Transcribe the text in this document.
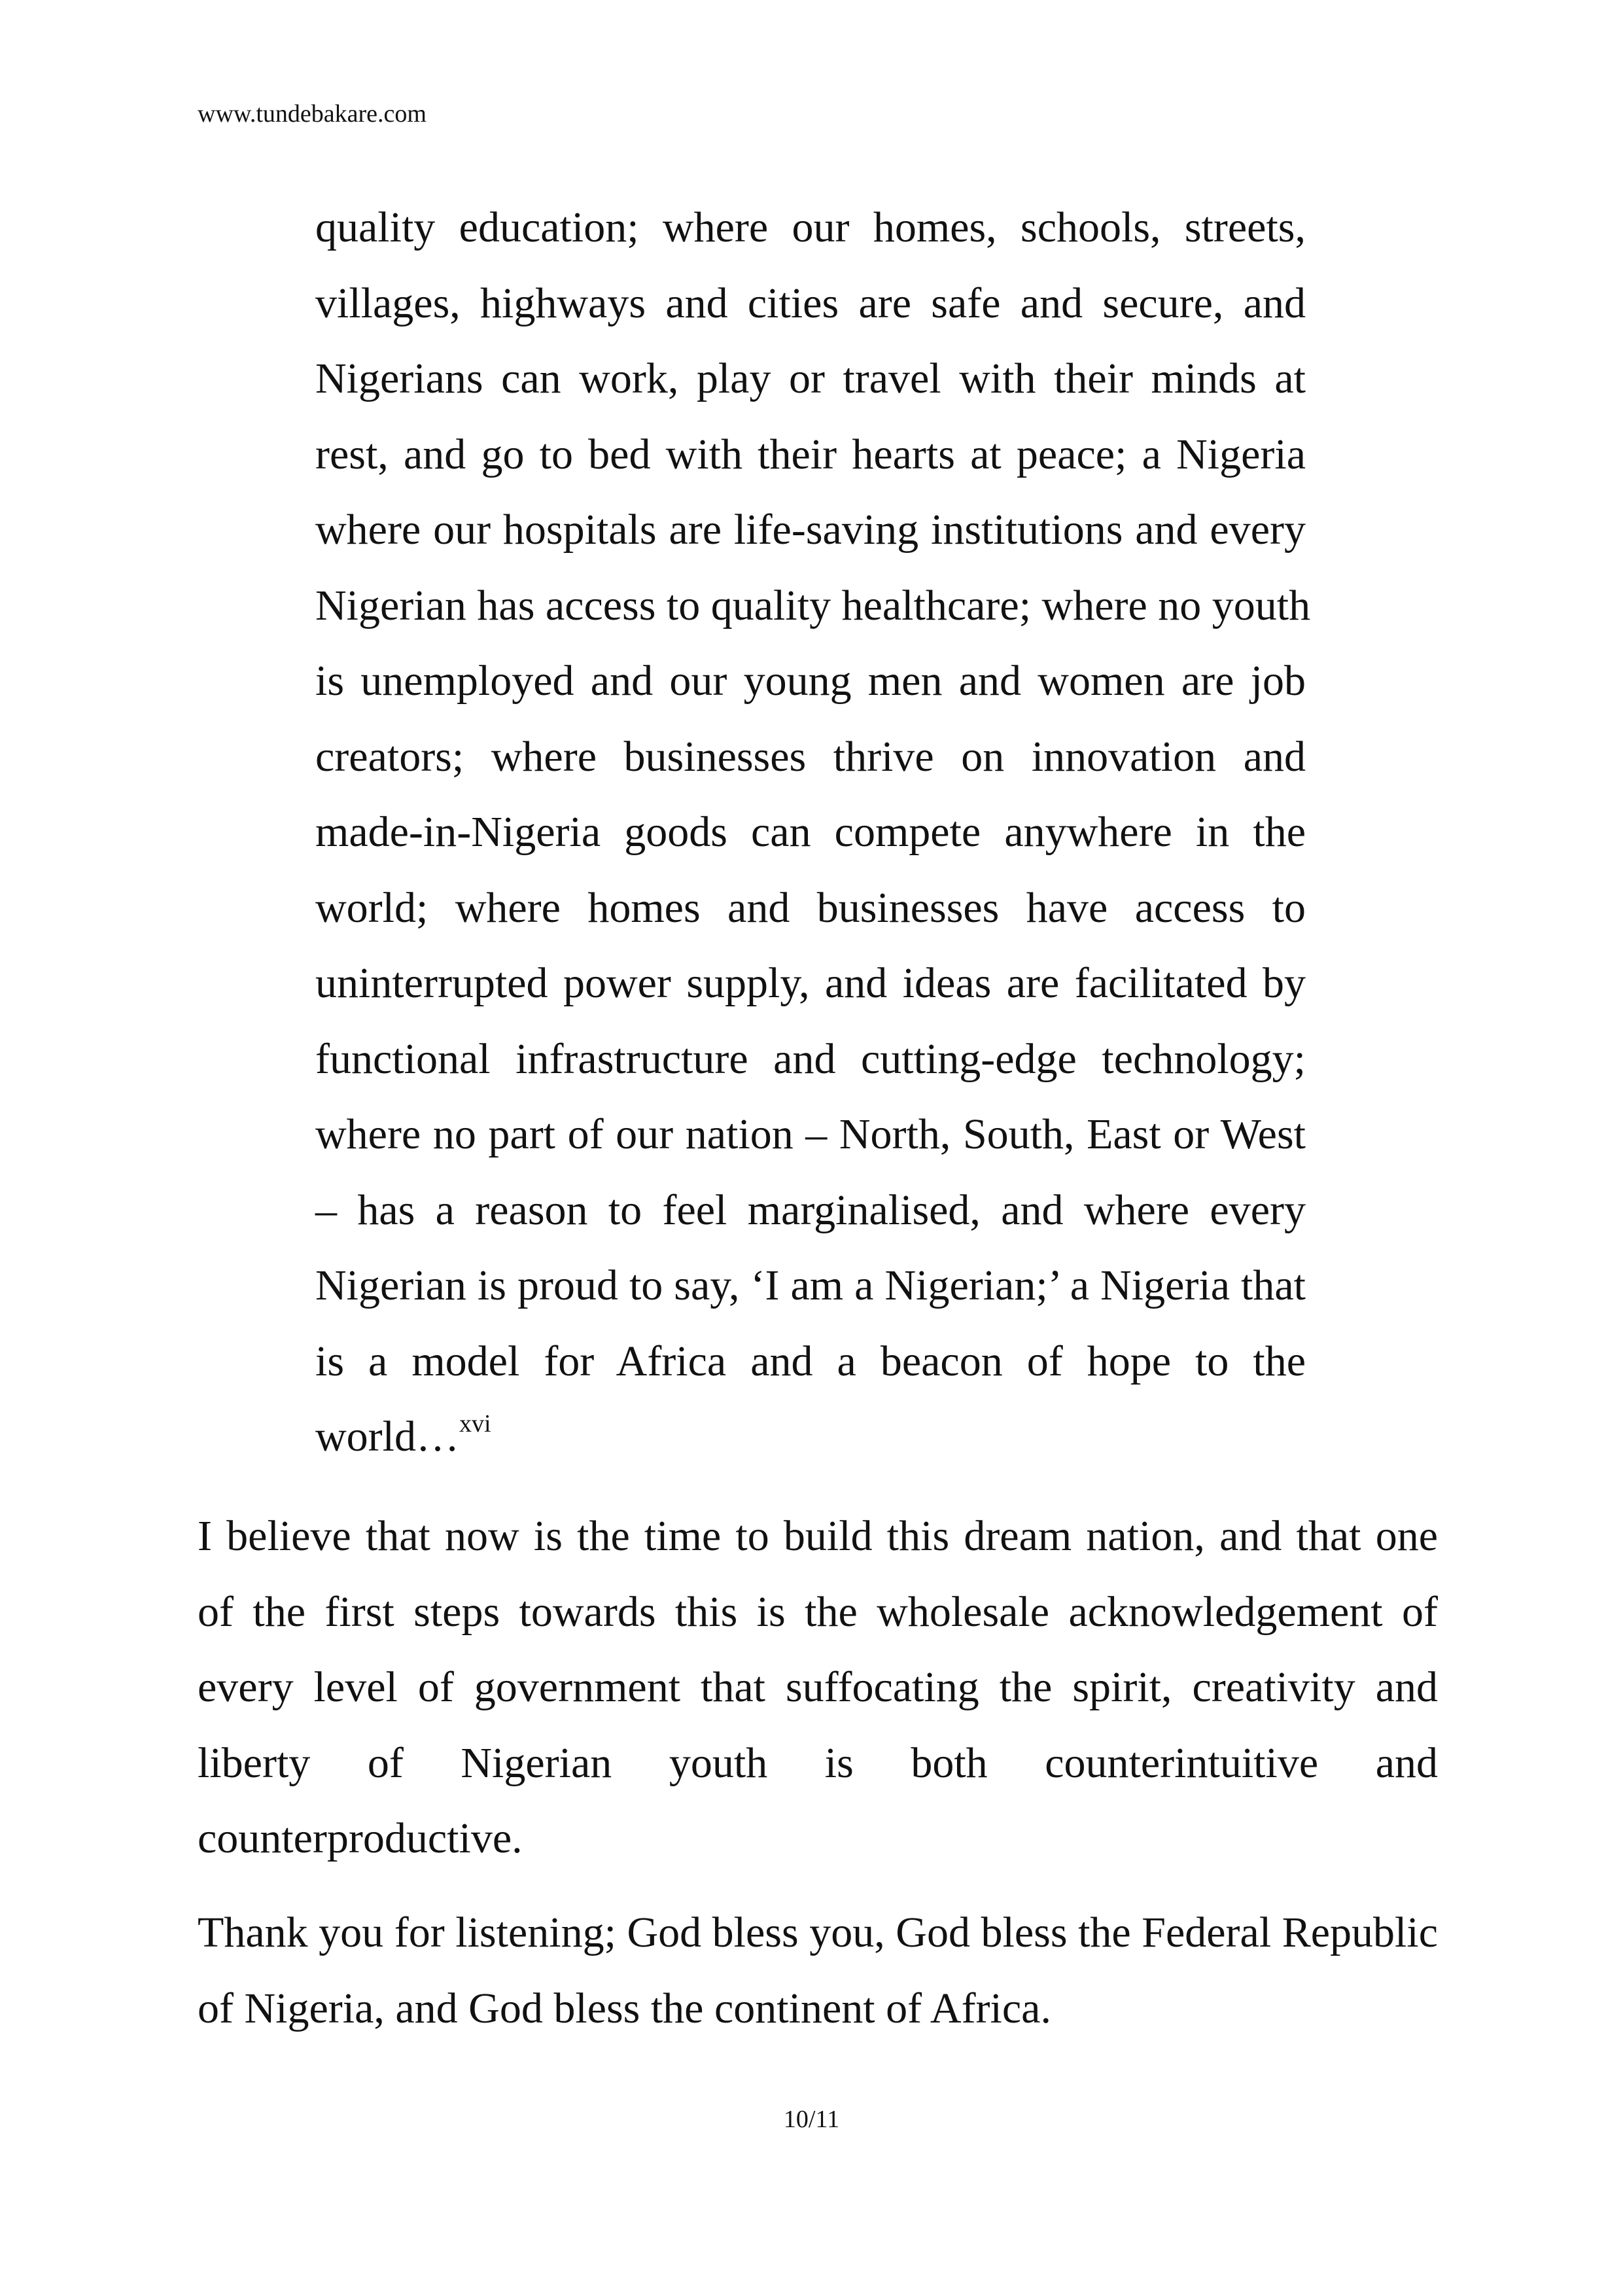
www.tundebakare.com
quality education; where our homes, schools, streets,
villages, highways and cities are safe and secure, and
Nigerians can work, play or travel with their minds at
rest, and go to bed with their hearts at peace; a Nigeria
where our hospitals are life-saving institutions and every
Nigerian has access to quality healthcare; where no youth
is unemployed and our young men and women are job
creators; where businesses thrive on innovation and
made-in-Nigeria goods can compete anywhere in the
world; where homes and businesses have access to
uninterrupted power supply, and ideas are facilitated by
functional infrastructure and cutting-edge technology;
where no part of our nation – North, South, East or West
– has a reason to feel marginalised, and where every
Nigerian is proud to say, ‘I am a Nigerian;’ a Nigeria that
is a model for Africa and a beacon of hope to the
world…$^{xvi}$
I believe that now is the time to build this dream nation, and that one
of the first steps towards this is the wholesale acknowledgement of
every level of government that suffocating the spirit, creativity and
liberty of Nigerian youth is both counterintuitive and
counterproductive.
Thank you for listening; God bless you, God bless the Federal Republic
of Nigeria, and God bless the continent of Africa.
10/11
